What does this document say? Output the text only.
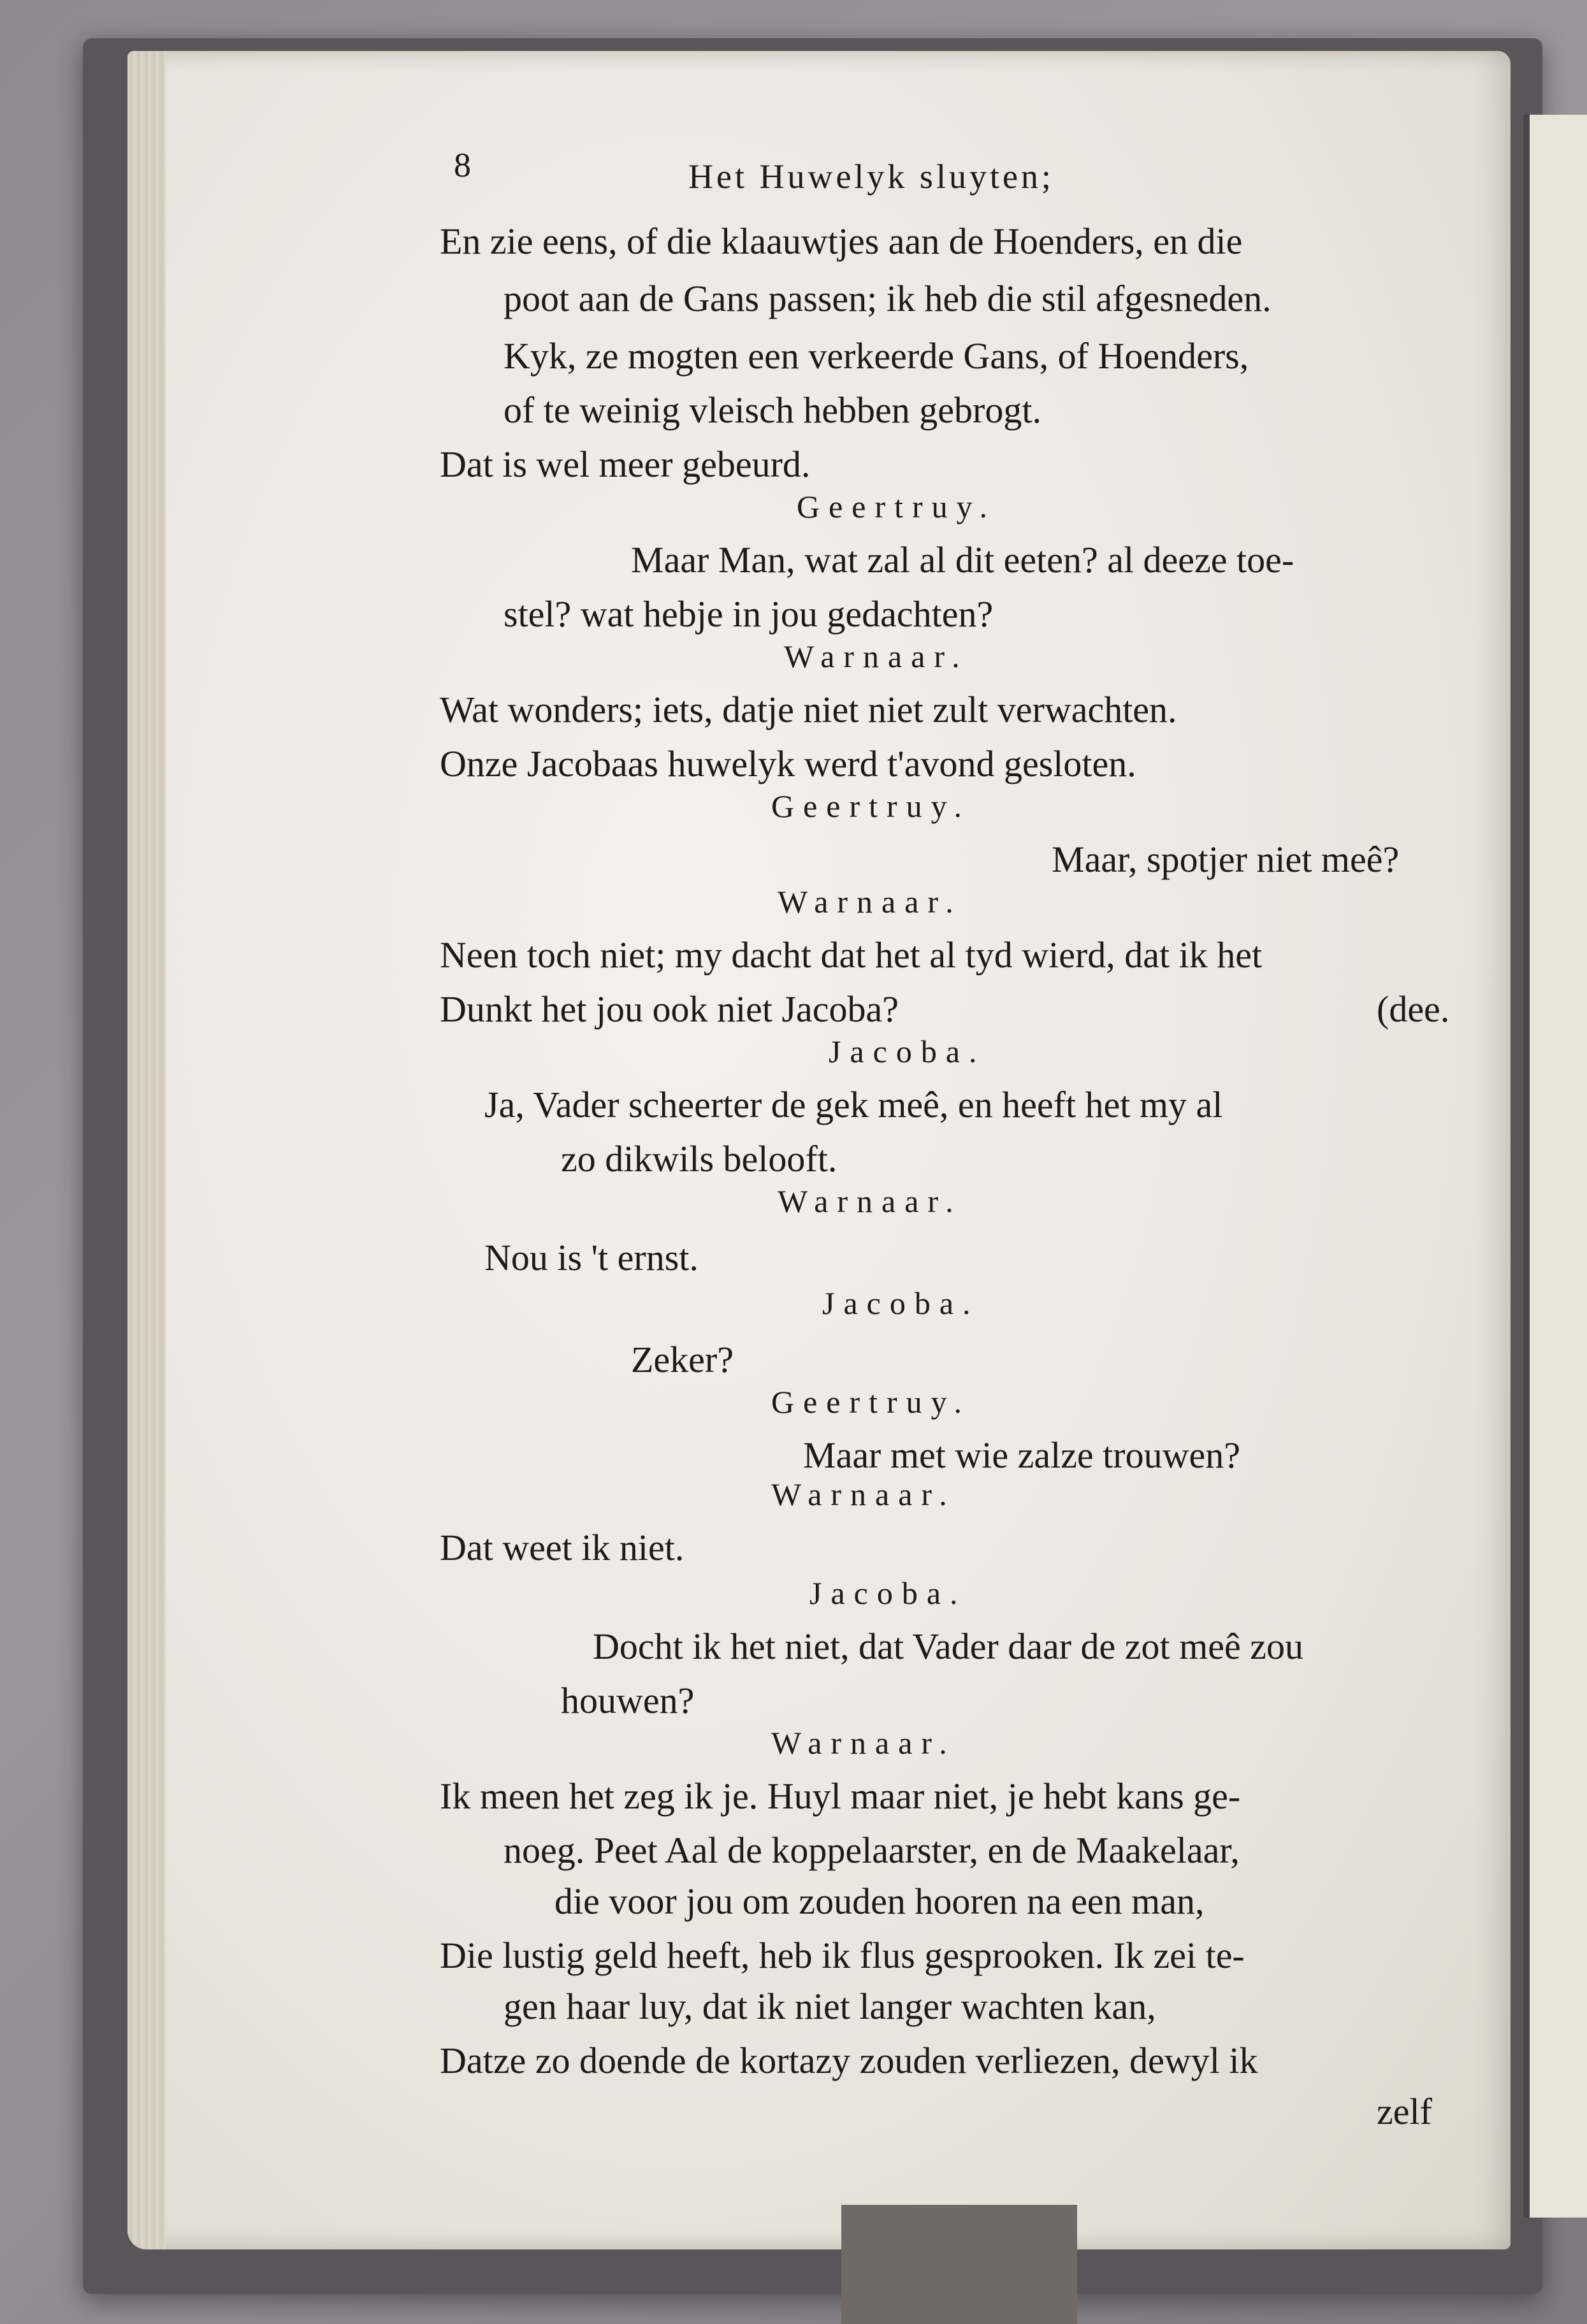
8	Het Huwelyk sluyten;
En zie eens, of die klaauwtjes aan de Hoenders, en die
poot aan de Gans passen; ik heb die stil afgesneden.
Kyk, ze mogten een verkeerde Gans, of Hoenders,
of te weinig vleisch hebben gebrogt.
Dat is wel meer gebeurd.
Geertruy.
Maar Man, wat zal al dit eeten? al deeze toe-
stel? wat hebje in jou gedachten?
Warnaar.
Wat wonders; iets, datje niet niet zult verwachten.
Onze Jacobaas huwelyk werd t'avond gesloten.
Geertruy.
Maar, spotjer niet meê?
Warnaar.
Neen toch niet; my dacht dat het al tyd wierd, dat ik het
Dunkt het jou ook niet Jacoba?	(dee.
Jacoba.
Ja, Vader scheerter de gek meê, en heeft het my al
zo dikwils belooft.
Warnaar.
Nou is 't ernst.
Jacoba.
Zeker?
Geertruy.
Maar met wie zalze trouwen?
Warnaar.
Dat weet ik niet.
Jacoba.
Docht ik het niet, dat Vader daar de zot meê zou
houwen?
Warnaar.
Ik meen het zeg ik je. Huyl maar niet, je hebt kans ge-
noeg. Peet Aal de koppelaarster, en de Maakelaar,
die voor jou om zouden hooren na een man,
Die lustig geld heeft, heb ik flus gesprooken. Ik zei te-
gen haar luy, dat ik niet langer wachten kan,
Datze zo doende de kortazy zouden verliezen, dewyl ik
zelf
